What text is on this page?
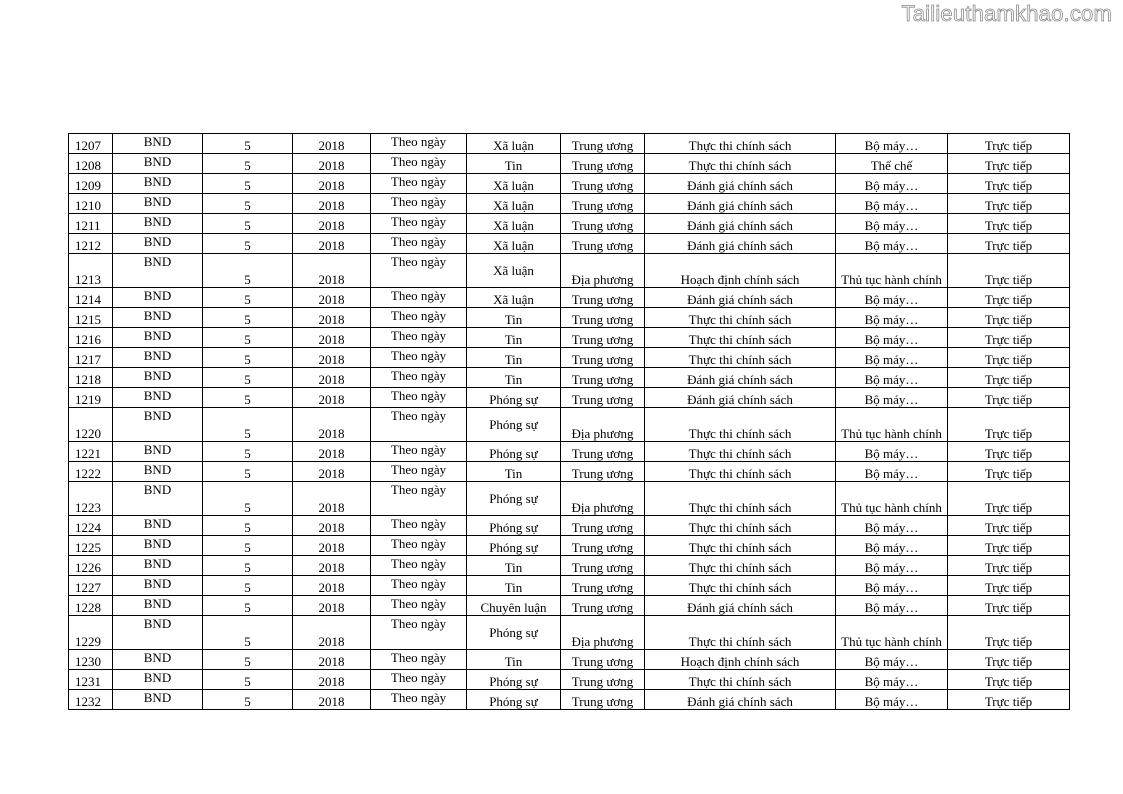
Tailieuthamkhao.com
1207	BND	5	2018	Theo ngày	Xã luận	Trung ương	Thực thi chính sách	Bộ máy…	Trực tiếp
1208	BND	5	2018	Theo ngày	Tin	Trung ương	Thực thi chính sách	Thể chế	Trực tiếp
1209	BND	5	2018	Theo ngày	Xã luận	Trung ương	Đánh giá chính sách	Bộ máy…	Trực tiếp
1210	BND	5	2018	Theo ngày	Xã luận	Trung ương	Đánh giá chính sách	Bộ máy…	Trực tiếp
1211	BND	5	2018	Theo ngày	Xã luận	Trung ương	Đánh giá chính sách	Bộ máy…	Trực tiếp
1212	BND	5	2018	Theo ngày	Xã luận	Trung ương	Đánh giá chính sách	Bộ máy…	Trực tiếp
1213	BND	5	2018	Theo ngày	Xã luận	Địa phương	Hoạch định chính sách	Thủ tục hành chính	Trực tiếp
1214	BND	5	2018	Theo ngày	Xã luận	Trung ương	Đánh giá chính sách	Bộ máy…	Trực tiếp
1215	BND	5	2018	Theo ngày	Tin	Trung ương	Thực thi chính sách	Bộ máy…	Trực tiếp
1216	BND	5	2018	Theo ngày	Tin	Trung ương	Thực thi chính sách	Bộ máy…	Trực tiếp
1217	BND	5	2018	Theo ngày	Tin	Trung ương	Thực thi chính sách	Bộ máy…	Trực tiếp
1218	BND	5	2018	Theo ngày	Tin	Trung ương	Đánh giá chính sách	Bộ máy…	Trực tiếp
1219	BND	5	2018	Theo ngày	Phóng sự	Trung ương	Đánh giá chính sách	Bộ máy…	Trực tiếp
1220	BND	5	2018	Theo ngày	Phóng sự	Địa phương	Thực thi chính sách	Thủ tục hành chính	Trực tiếp
1221	BND	5	2018	Theo ngày	Phóng sự	Trung ương	Thực thi chính sách	Bộ máy…	Trực tiếp
1222	BND	5	2018	Theo ngày	Tin	Trung ương	Thực thi chính sách	Bộ máy…	Trực tiếp
1223	BND	5	2018	Theo ngày	Phóng sự	Địa phương	Thực thi chính sách	Thủ tục hành chính	Trực tiếp
1224	BND	5	2018	Theo ngày	Phóng sự	Trung ương	Thực thi chính sách	Bộ máy…	Trực tiếp
1225	BND	5	2018	Theo ngày	Phóng sự	Trung ương	Thực thi chính sách	Bộ máy…	Trực tiếp
1226	BND	5	2018	Theo ngày	Tin	Trung ương	Thực thi chính sách	Bộ máy…	Trực tiếp
1227	BND	5	2018	Theo ngày	Tin	Trung ương	Thực thi chính sách	Bộ máy…	Trực tiếp
1228	BND	5	2018	Theo ngày	Chuyên luận	Trung ương	Đánh giá chính sách	Bộ máy…	Trực tiếp
1229	BND	5	2018	Theo ngày	Phóng sự	Địa phương	Thực thi chính sách	Thủ tục hành chính	Trực tiếp
1230	BND	5	2018	Theo ngày	Tin	Trung ương	Hoạch định chính sách	Bộ máy…	Trực tiếp
1231	BND	5	2018	Theo ngày	Phóng sự	Trung ương	Thực thi chính sách	Bộ máy…	Trực tiếp
1232	BND	5	2018	Theo ngày	Phóng sự	Trung ương	Đánh giá chính sách	Bộ máy…	Trực tiếp
